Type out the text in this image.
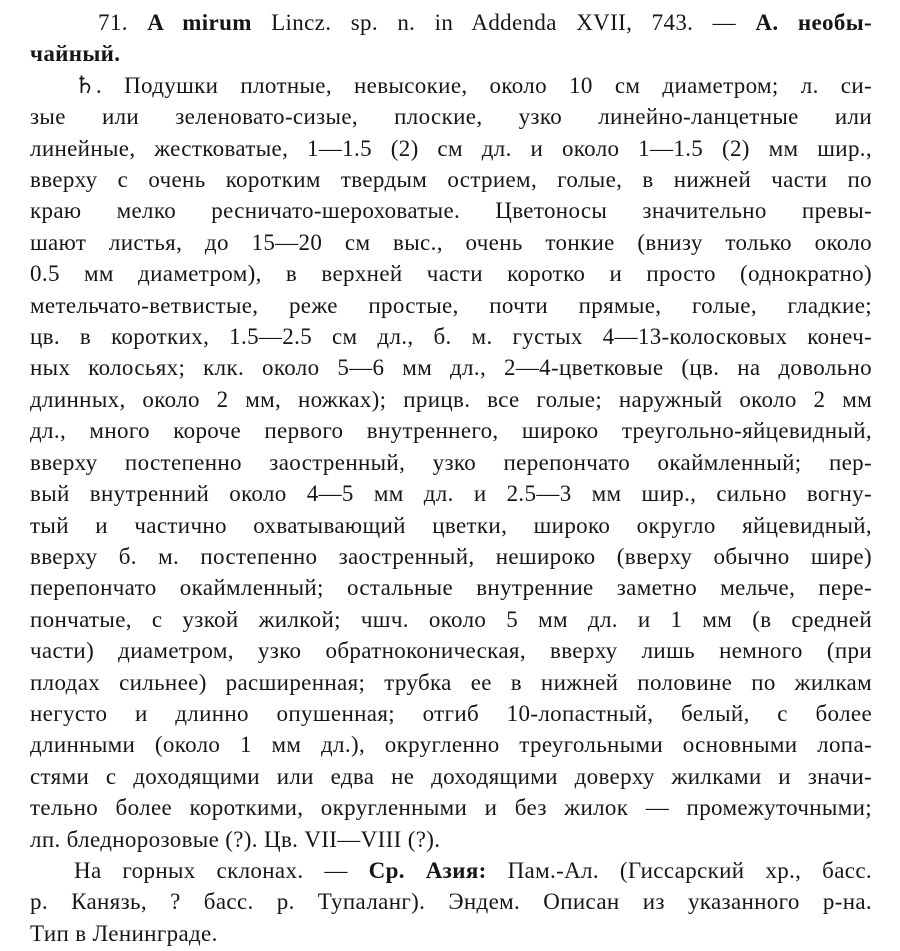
71. A mirum Lincz. sp. n. in Addenda XVII, 743. — А. необы-
чайный.
♄. Подушки плотные, невысокие, около 10 см диаметром; л. си-
зые или зеленовато-сизые, плоские, узко линейно-ланцетные или
линейные, жестковатые, 1—1.5 (2) см дл. и около 1—1.5 (2) мм шир.,
вверху с очень коротким твердым острием, голые, в нижней части по
краю мелко ресничато-шероховатые. Цветоносы значительно превы-
шают листья, до 15—20 см выс., очень тонкие (внизу только около
0.5 мм диаметром), в верхней части коротко и просто (однократно)
метельчато-ветвистые, реже простые, почти прямые, голые, гладкие;
цв. в коротких, 1.5—2.5 см дл., б. м. густых 4—13-колосковых конеч-
ных колосьях; клк. около 5—6 мм дл., 2—4-цветковые (цв. на довольно
длинных, около 2 мм, ножках); прицв. все голые; наружный около 2 мм
дл., много короче первого внутреннего, широко треугольно-яйцевидный,
вверху постепенно заостренный, узко перепончато окаймленный; пер-
вый внутренний около 4—5 мм дл. и 2.5—3 мм шир., сильно вогну-
тый и частично охватывающий цветки, широко округло яйцевидный,
вверху б. м. постепенно заостренный, нешироко (вверху обычно шире)
перепончато окаймленный; остальные внутренние заметно мельче, пере-
пончатые, с узкой жилкой; чшч. около 5 мм дл. и 1 мм (в средней
части) диаметром, узко обратноконическая, вверху лишь немного (при
плодах сильнее) расширенная; трубка ее в нижней половине по жилкам
негусто и длинно опушенная; отгиб 10-лопастный, белый, с более
длинными (около 1 мм дл.), округленно треугольными основными лопа-
стями с доходящими или едва не доходящими доверху жилками и значи-
тельно более короткими, округленными и без жилок — промежуточными;
лп. бледнорозовые (?). Цв. VII—VIII (?).
На горных склонах. — Ср. Азия: Пам.-Ал. (Гиссарский хр., басс.
р. Канязь, ? басс. р. Тупаланг). Эндем. Описан из указанного р-на.
Тип в Ленинграде.
